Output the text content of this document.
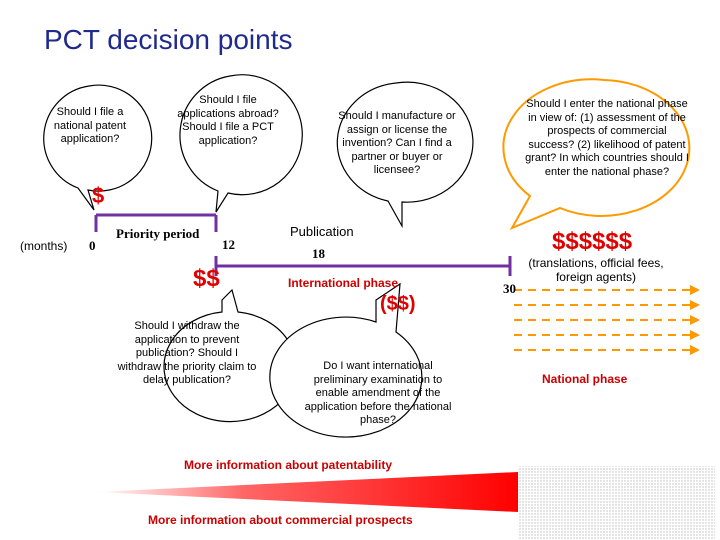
PCT decision points
Should I file a national patent application?
Should I file applications abroad? Should I file a PCT application?
Should I manufacture or assign or license the invention? Can I find a partner or buyer or licensee?
Should I enter the national phase in view of: (1) assessment of the prospects of commercial success? (2) likelihood of patent grant? In which countries should I enter the national phase?
Should I withdraw the application to prevent publication? Should I withdraw the priority claim to delay publication?
Do I want international preliminary examination to enable amendment of the application before the national phase?
(months) 0	12
18
30
Priority period	Publication
International phase
National phase
$
$$
($$)
$$$$$$
(translations, official fees, foreign agents)
More information about patentability
More information about commercial prospects
